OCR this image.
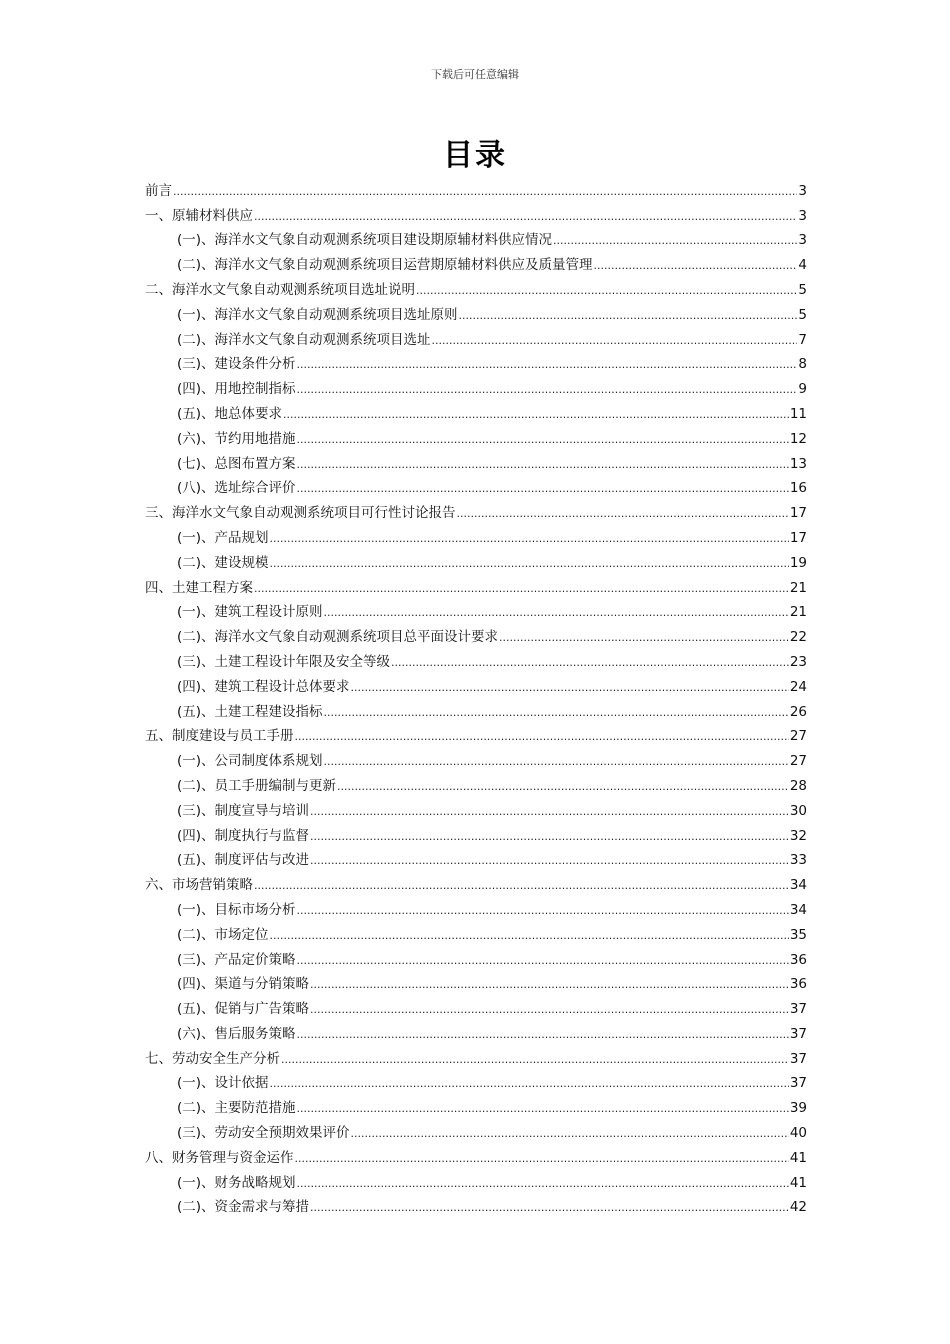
下载后可任意编辑
目录
前言 .....	3
一、原辅材料供应 .....	3
(一)、海洋水文气象自动观测系统项目建设期原辅材料供应情况 .....	3
(二)、海洋水文气象自动观测系统项目运营期原辅材料供应及质量管理 .....	4
二、海洋水文气象自动观测系统项目选址说明 .....	5
(一)、海洋水文气象自动观测系统项目选址原则 .....	5
(二)、海洋水文气象自动观测系统项目选址 .....	7
(三)、建设条件分析 .....	8
(四)、用地控制指标 .....	9
(五)、地总体要求 .....	11
(六)、节约用地措施 .....	12
(七)、总图布置方案 .....	13
(八)、选址综合评价 .....	16
三、海洋水文气象自动观测系统项目可行性讨论报告 .....	17
(一)、产品规划 .....	17
(二)、建设规模 .....	19
四、土建工程方案 .....	21
(一)、建筑工程设计原则 .....	21
(二)、海洋水文气象自动观测系统项目总平面设计要求 .....	22
(三)、土建工程设计年限及安全等级 .....	23
(四)、建筑工程设计总体要求 .....	24
(五)、土建工程建设指标 .....	26
五、制度建设与员工手册 .....	27
(一)、公司制度体系规划 .....	27
(二)、员工手册编制与更新 .....	28
(三)、制度宣导与培训 .....	30
(四)、制度执行与监督 .....	32
(五)、制度评估与改进 .....	33
六、市场营销策略 .....	34
(一)、目标市场分析 .....	34
(二)、市场定位 .....	35
(三)、产品定价策略 .....	36
(四)、渠道与分销策略 .....	36
(五)、促销与广告策略 .....	37
(六)、售后服务策略 .....	37
七、劳动安全生产分析 .....	37
(一)、设计依据 .....	37
(二)、主要防范措施 .....	39
(三)、劳动安全预期效果评价 .....	40
八、财务管理与资金运作 .....	41
(一)、财务战略规划 .....	41
(二)、资金需求与筹措 .....	42
